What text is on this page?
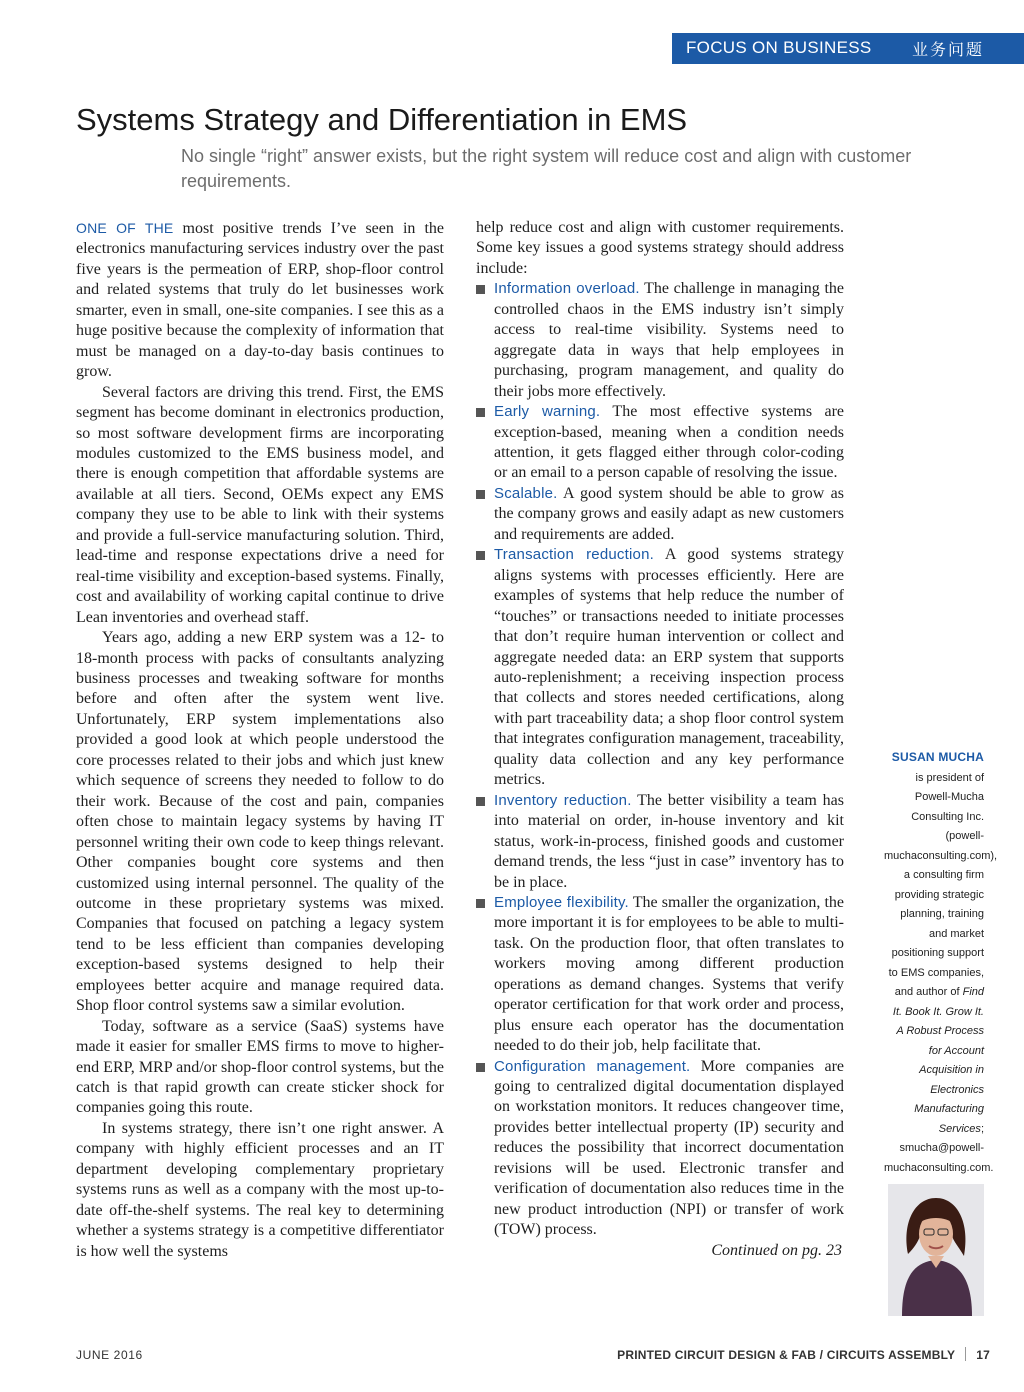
FOCUS ON BUSINESS	业务问题
Systems Strategy and Differentiation in EMS
No single “right” answer exists, but the right system will reduce cost and align with customer requirements.

ONE OF THE most positive trends I’ve seen in the electronics manufacturing services industry over the past five years is the permeation of ERP, shop-floor control and related systems that truly do let businesses work smarter, even in small, one-site companies. I see this as a huge positive because the complexity of information that must be managed on a day-to-day basis continues to grow.

Several factors are driving this trend. First, the EMS segment has become dominant in electronics production, so most software development firms are incorporating modules customized to the EMS business model, and there is enough competition that affordable systems are available at all tiers. Second, OEMs expect any EMS company they use to be able to link with their systems and provide a full-service manufacturing solution. Third, lead-time and response expectations drive a need for real-time visibility and exception-based systems. Finally, cost and availability of working capital continue to drive Lean inventories and overhead staff.

Years ago, adding a new ERP system was a 12- to 18-month process with packs of consultants analyzing business processes and tweaking software for months before and often after the system went live. Unfortunately, ERP system implementations also provided a good look at which people understood the core processes related to their jobs and which just knew which sequence of screens they needed to follow to do their work. Because of the cost and pain, companies often chose to maintain legacy systems by having IT personnel writing their own code to keep things relevant. Other companies bought core systems and then customized using internal personnel. The quality of the outcome in these proprietary systems was mixed. Companies that focused on patching a legacy system tend to be less efficient than companies developing exception-based systems designed to help their employees better acquire and manage required data. Shop floor control systems saw a similar evolution.

Today, software as a service (SaaS) systems have made it easier for smaller EMS firms to move to higher-end ERP, MRP and/or shop-floor control systems, but the catch is that rapid growth can create sticker shock for companies going this route.

In systems strategy, there isn’t one right answer. A company with highly efficient processes and an IT department developing complementary proprietary systems runs as well as a company with the most up-to-date off-the-shelf systems. The real key to determining whether a systems strategy is a competitive differentiator is how well the systems

help reduce cost and align with customer requirements. Some key issues a good systems strategy should address include:

Information overload. The challenge in managing the controlled chaos in the EMS industry isn’t simply access to real-time visibility. Systems need to aggregate data in ways that help employees in purchasing, program management, and quality do their jobs more effectively.
Early warning. The most effective systems are exception-based, meaning when a condition needs attention, it gets flagged either through color-coding or an email to a person capable of resolving the issue.
Scalable. A good system should be able to grow as the company grows and easily adapt as new customers and requirements are added.
Transaction reduction. A good systems strategy aligns systems with processes efficiently. Here are examples of systems that help reduce the number of “touches” or transactions needed to initiate processes that don’t require human intervention or collect and aggregate needed data: an ERP system that supports auto-replenishment; a receiving inspection process that collects and stores needed certifications, along with part traceability data; a shop floor control system that integrates configuration management, traceability, quality data collection and any key performance metrics.
Inventory reduction. The better visibility a team has into material on order, in-house inventory and kit status, work-in-process, finished goods and customer demand trends, the less “just in case” inventory has to be in place.
Employee flexibility. The smaller the organization, the more important it is for employees to be able to multi-task. On the production floor, that often translates to workers moving among different production operations as demand changes. Systems that verify operator certification for that work order and process, plus ensure each operator has the documentation needed to do their job, help facilitate that.
Configuration management. More companies are going to centralized digital documentation displayed on workstation monitors. It reduces changeover time, provides better intellectual property (IP) security and reduces the possibility that incorrect documentation revisions will be used. Electronic transfer and verification of documentation also reduces time in the new product introduction (NPI) or transfer of work (TOW) process.

Continued on pg. 23

SUSAN MUCHA is president of Powell-Mucha Consulting Inc. (powell-muchaconsulting.com), a consulting firm providing strategic planning, training and market positioning support to EMS companies, and author of Find It. Book It. Grow It. A Robust Process for Account Acquisition in Electronics Manufacturing Services; smucha@powell-muchaconsulting.com.
JUNE 2016	PRINTED CIRCUIT DESIGN & FAB / CIRCUITS ASSEMBLY 17
